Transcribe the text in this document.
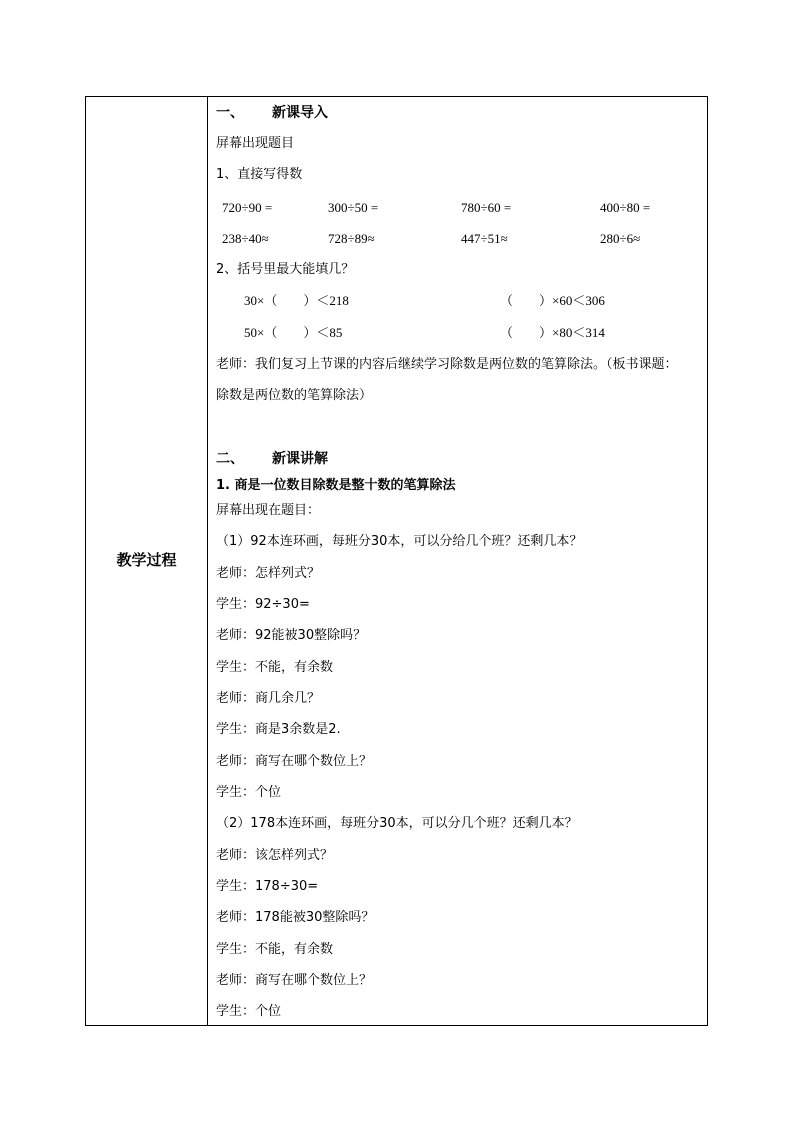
教学过程
一、 新课导入
屏幕出现题目
1、直接写得数
720÷90 =	300÷50 =	780÷60 =	400÷80 =
238÷40≈	728÷89≈	447÷51≈	280÷6≈
2、括号里最大能填几？
30×（　　）＜218	（　　）×60＜306
50×（　　）＜85	（　　）×80＜314
老师：我们复习上节课的内容后继续学习除数是两位数的笔算除法。（板书课题：
除数是两位数的笔算除法）
二、 新课讲解
1. 商是一位数目除数是整十数的笔算除法
屏幕出现在题目：
（1）92本连环画，每班分30本，可以分给几个班？还剩几本？
老师：怎样列式？
学生：92÷30=
老师：92能被30整除吗？
学生：不能，有余数
老师：商几余几？
学生：商是3余数是2.
老师：商写在哪个数位上？
学生：个位
（2）178本连环画，每班分30本，可以分几个班？还剩几本？
老师：该怎样列式？
学生：178÷30=
老师：178能被30整除吗？
学生：不能，有余数
老师：商写在哪个数位上？
学生：个位
